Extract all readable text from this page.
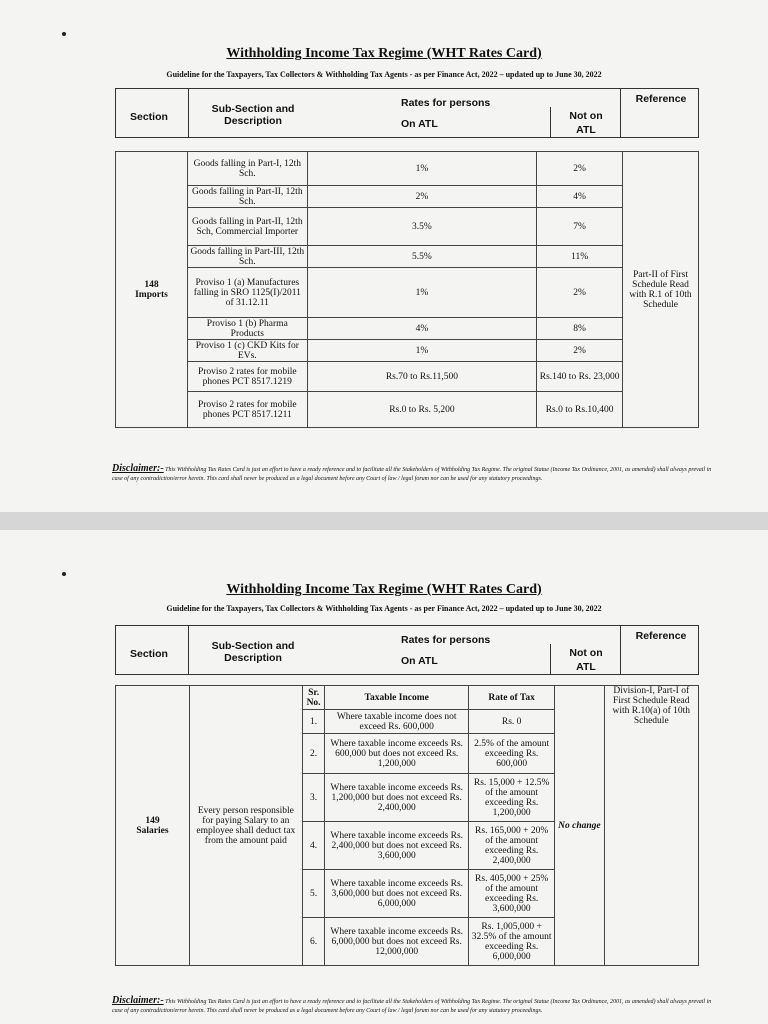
Withholding Income Tax Regime (WHT Rates Card)
Guideline for the Taxpayers, Tax Collectors & Withholding Tax Agents - as per Finance Act, 2022 – updated up to June 30, 2022
Section
Sub-Section and
Description
Rates for persons
On ATL
Not on
ATL
Reference
148
Imports	Goods falling in Part-I, 12th Sch.	1%	2%	Part-II of First Schedule Read with R.1 of 10th Schedule
	Goods falling in Part-II, 12th Sch.	2%	4%	
	Goods falling in Part-II, 12th Sch, Commercial Importer	3.5%	7%	
	Goods falling in Part-III, 12th Sch.	5.5%	11%	
	Proviso 1 (a) Manufactures falling in SRO 1125(I)/2011 of 31.12.11	1%	2%	
	Proviso 1 (b) Pharma Products	4%	8%	
	Proviso 1 (c) CKD Kits for EVs.	1%	2%	
	Proviso 2 rates for mobile phones PCT 8517.1219	Rs.70 to Rs.11,500	Rs.140 to Rs. 23,000	
	Proviso 2 rates for mobile phones PCT 8517.1211	Rs.0 to Rs. 5,200	Rs.0 to Rs.10,400	
Disclaimer:- This Withholding Tax Rates Card is just an effort to have a ready reference and to facilitate all the Stakeholders of Withholding Tax Regime. The original Statue (Income Tax Ordinance, 2001, as amended) shall always prevail in case of any contradiction/error herein. This card shall never be produced as a legal document before any Court of law / legal forum nor can be used for any statutory proceedings.
Withholding Income Tax Regime (WHT Rates Card)
Guideline for the Taxpayers, Tax Collectors & Withholding Tax Agents - as per Finance Act, 2022 – updated up to June 30, 2022
Section
Sub-Section and
Description
Rates for persons
On ATL
Not on
ATL
Reference
149
Salaries	Every person responsible for paying Salary to an employee shall deduct tax from the amount paid	Sr. No.	Taxable Income	Rate of Tax	No change	Division-I, Part-I of First Schedule Read with R.10(a) of 10th Schedule
		1.	Where taxable income does not exceed Rs. 600,000	Rs. 0		
		2.	Where taxable income exceeds Rs. 600,000 but does not exceed Rs. 1,200,000	2.5% of the amount exceeding Rs. 600,000		
		3.	Where taxable income exceeds Rs. 1,200,000 but does not exceed Rs. 2,400,000	Rs. 15,000 + 12.5% of the amount exceeding Rs. 1,200,000		
		4.	Where taxable income exceeds Rs. 2,400,000 but does not exceed Rs. 3,600,000	Rs. 165,000 + 20% of the amount exceeding Rs. 2,400,000		
		5.	Where taxable income exceeds Rs. 3,600,000 but does not exceed Rs. 6,000,000	Rs. 405,000 + 25% of the amount exceeding Rs. 3,600,000		
		6.	Where taxable income exceeds Rs. 6,000,000 but does not exceed Rs. 12,000,000	Rs. 1,005,000 + 32.5% of the amount exceeding Rs. 6,000,000		
Disclaimer:- This Withholding Tax Rates Card is just an effort to have a ready reference and to facilitate all the Stakeholders of Withholding Tax Regime. The original Statue (Income Tax Ordinance, 2001, as amended) shall always prevail in case of any contradiction/error herein. This card shall never be produced as a legal document before any Court of law / legal forum nor can be used for any statutory proceedings.
